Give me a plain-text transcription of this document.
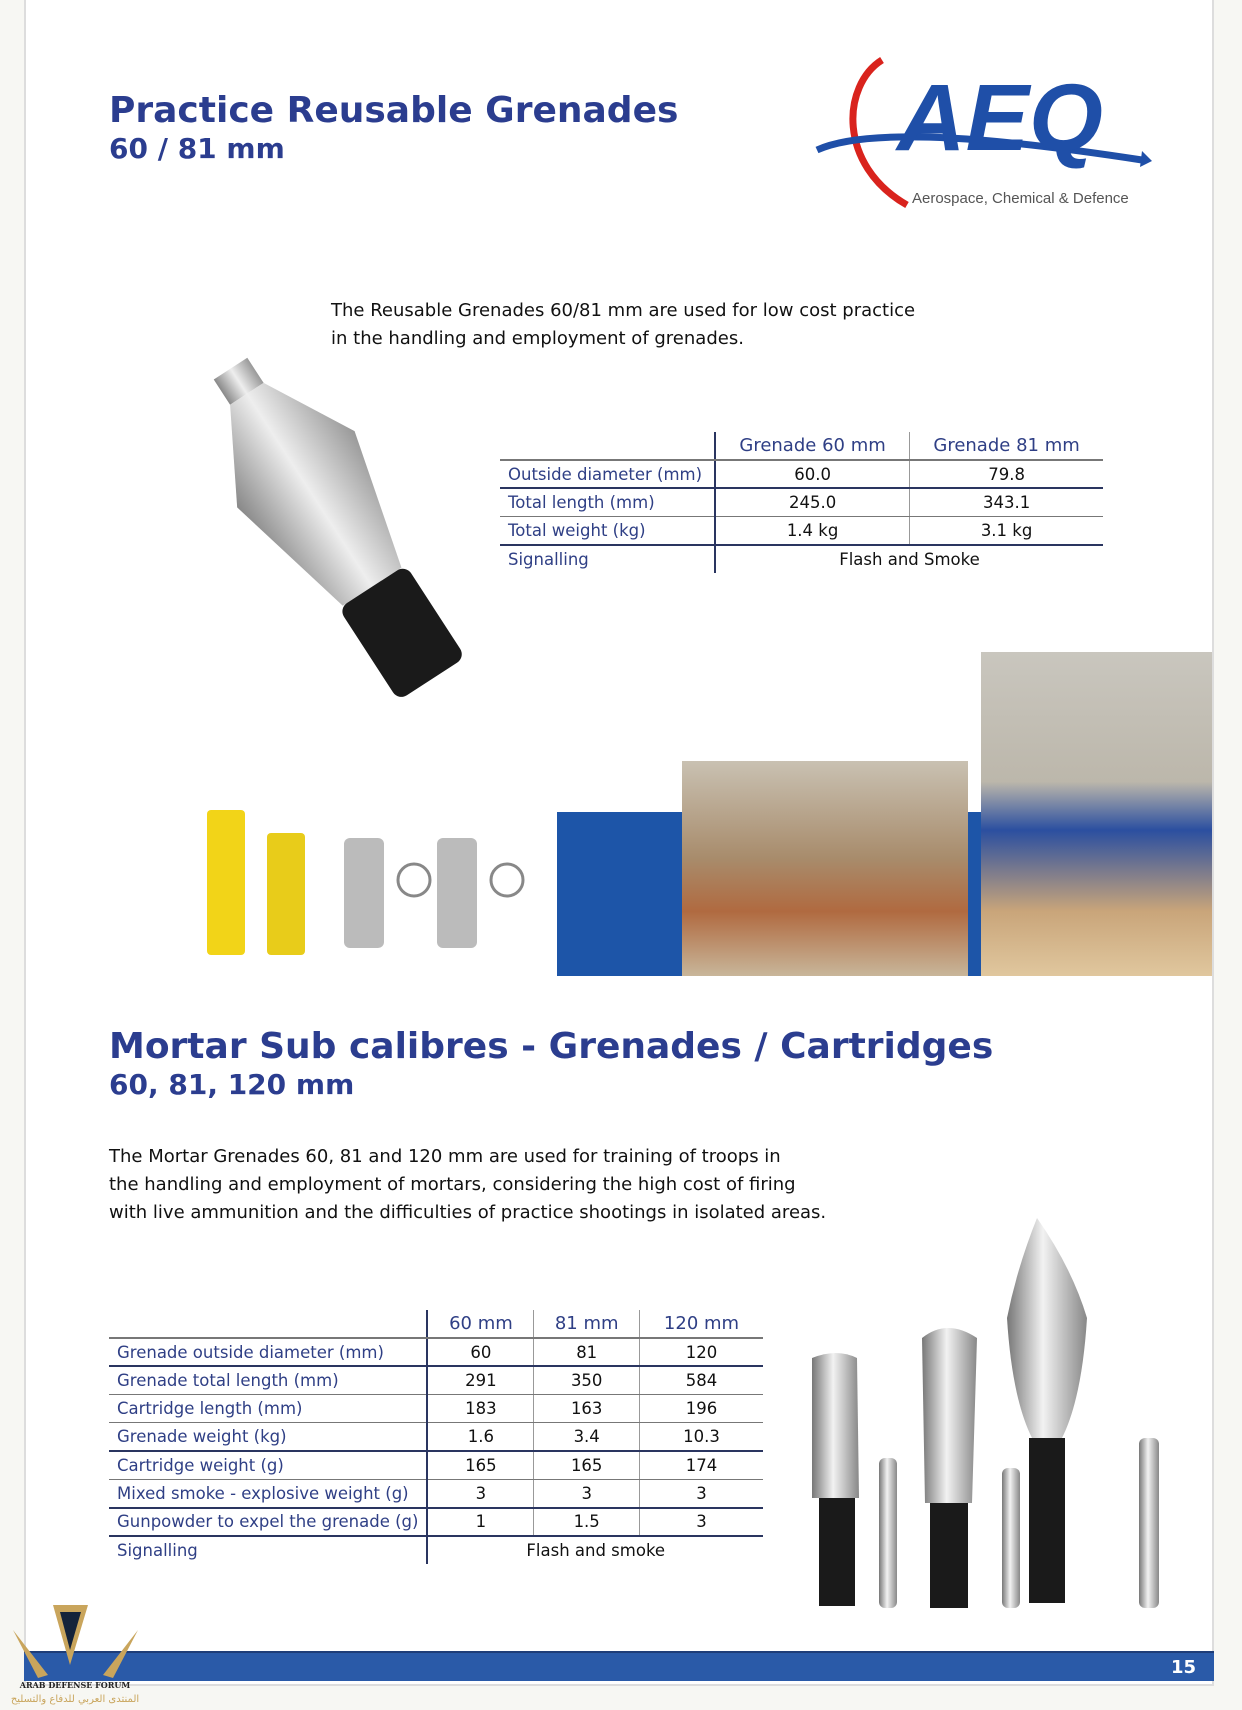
Practice Reusable Grenades
60 / 81 mm	AEQ
Aerospace, Chemical & Defence
The Reusable Grenades 60/81 mm are used for low cost practice
in the handling and employment of grenades.
	Grenade 60 mm	Grenade 81 mm
Outside diameter (mm)	60.0	79.8
Total length (mm)	245.0	343.1
Total weight (kg)	1.4 kg	3.1 kg
Signalling	Flash and Smoke	
Mortar Sub calibres - Grenades / Cartridges
60, 81, 120 mm
The Mortar Grenades 60, 81 and 120 mm are used for training of troops in
the handling and employment of mortars, considering the high cost of firing
with live ammunition and the difficulties of practice shootings in isolated areas.
	60 mm	81 mm	120 mm
Grenade outside diameter (mm)	60	81	120
Grenade total length (mm)	291	350	584
Cartridge length (mm)	183	163	196
Grenade weight (kg)	1.6	3.4	10.3
Cartridge weight (g)	165	165	174
Mixed smoke - explosive weight (g)	3	3	3
Gunpowder to expel the grenade (g)	1	1.5	3
Signalling	Flash and smoke		
15
ARAB DEFENSE FORUM
المنتدى العربي للدفاع والتسليح
